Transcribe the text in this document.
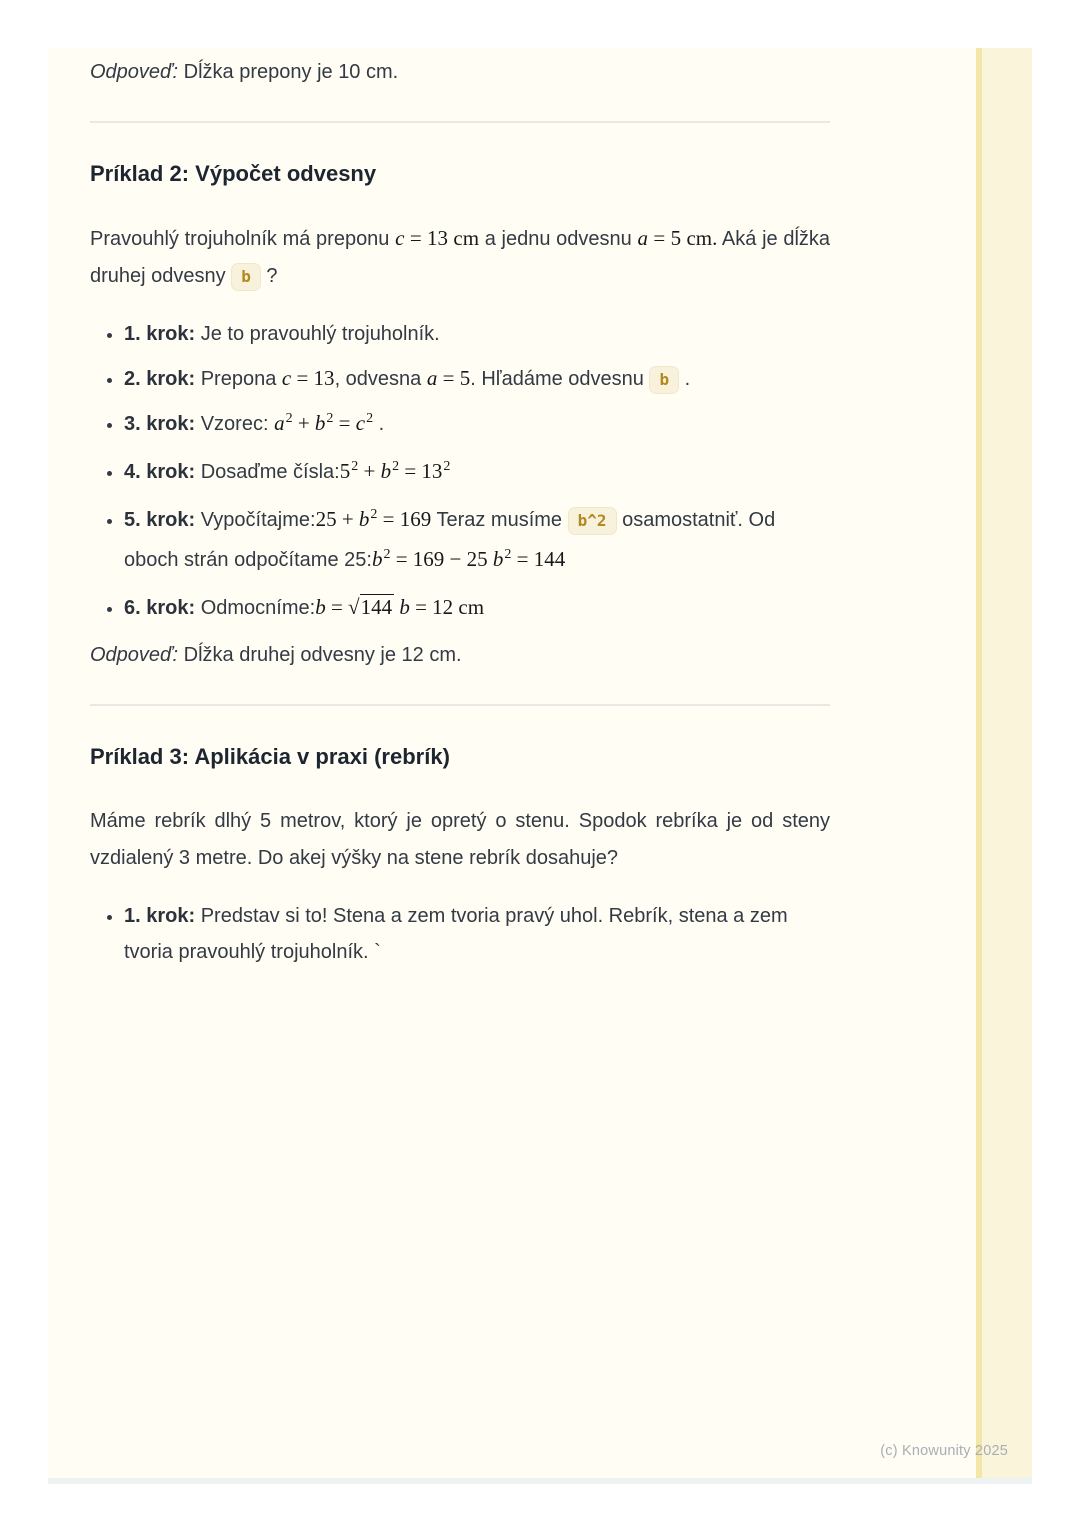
Odpoveď: Dĺžka prepony je 10 cm.

Príklad 2: Výpočet odvesny

Pravouhlý trojuholník má preponu c = 13 cm a jednu odvesnu a = 5 cm. Aká je dĺžka druhej odvesny b ?

• 1. krok: Je to pravouhlý trojuholník.
• 2. krok: Prepona c = 13, odvesna a = 5. Hľadáme odvesnu b .
• 3. krok: Vzorec: $a^2 + b^2 = c^2$ .
• 4. krok: Dosaďme $čísla:5^2 + b^2 = 13^2$
• 5. krok: Vypočítajme:25 + $b^2 = 169$ Teraz musíme b^2 osamostatniť. Od oboch strán odpočítame $25:b^2 = 169 - 25$ $b^2 = 144$
• 6. krok: Odmocníme:b = √144 b = 12 cm

Odpoveď: Dĺžka druhej odvesny je 12 cm.

Príklad 3: Aplikácia v praxi (rebrík)

Máme rebrík dlhý 5 metrov, ktorý je opretý o stenu. Spodok rebríka je od steny vzdialený 3 metre. Do akej výšky na stene rebrík dosahuje?

• 1. krok: Predstav si to! Stena a zem tvoria pravý uhol. Rebrík, stena a zem tvoria pravouhlý trojuholník. `
(c) Knowunity 2025
